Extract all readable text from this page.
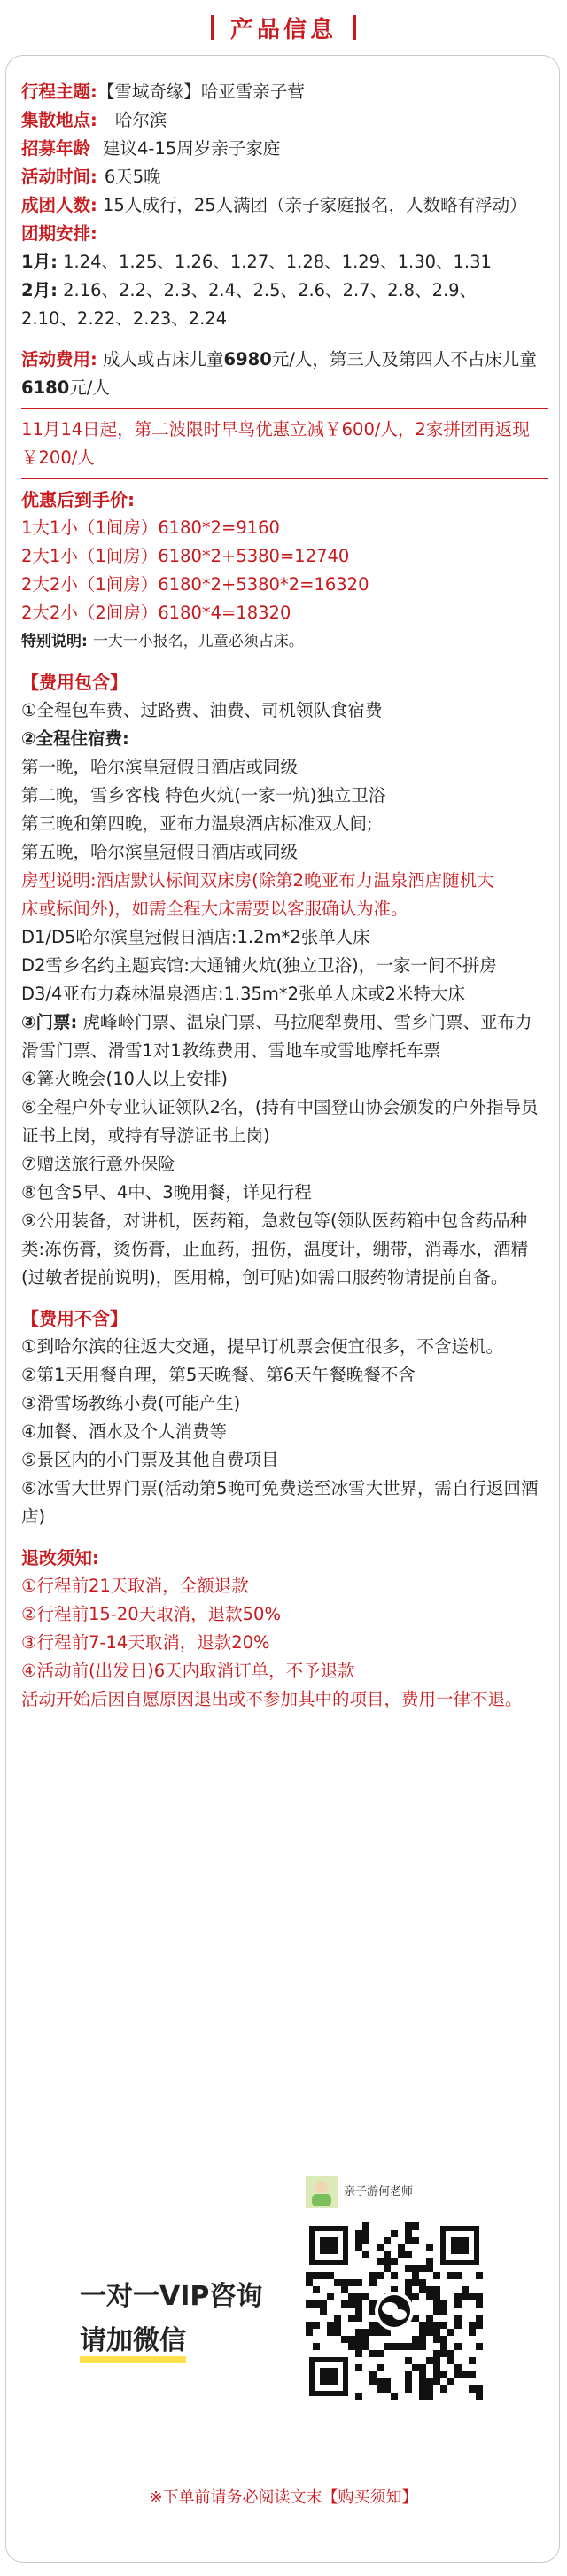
产品信息
行程主题:【雪域奇缘】哈亚雪亲子营
集散地点: 哈尔滨
招募年龄 建议4-15周岁亲子家庭
活动时间: 6天5晚
成团人数: 15人成行，25人满团（亲子家庭报名，人数略有浮动）
团期安排:
1月: 1.24、1.25、1.26、1.27、1.28、1.29、1.30、1.31
2月: 2.16、2.2、2.3、2.4、2.5、2.6、2.7、2.8、2.9、
2.10、2.22、2.23、2.24
活动费用: 成人或占床儿童6980元/人，第三人及第四人不占床儿童6180元/人
11月14日起，第二波限时早鸟优惠立减￥600/人，2家拼团再返现￥200/人
优惠后到手价:
1大1小（1间房）6180*2=9160
2大1小（1间房）6180*2+5380=12740
2大2小（1间房）6180*2+5380*2=16320
2大2小（2间房）6180*4=18320
特别说明: 一大一小报名，儿童必须占床。
【费用包含】
①全程包车费、过路费、油费、司机领队食宿费
②全程住宿费:
第一晚，哈尔滨皇冠假日酒店或同级
第二晚，雪乡客栈 特色火炕(一家一炕)独立卫浴
第三晚和第四晚，亚布力温泉酒店标准双人间;
第五晚，哈尔滨皇冠假日酒店或同级
房型说明:酒店默认标间双床房(除第2晚亚布力温泉酒店随机大
床或标间外)，如需全程大床需要以客服确认为准。
D1/D5哈尔滨皇冠假日酒店:1.2m*2张单人床
D2雪乡名约主题宾馆:大通铺火炕(独立卫浴)，一家一间不拼房
D3/4亚布力森林温泉酒店:1.35m*2张单人床或2米特大床
③门票: 虎峰岭门票、温泉门票、马拉爬犁费用、雪乡门票、亚布力滑雪门票、滑雪1对1教练费用、雪地车或雪地摩托车票
④篝火晚会(10人以上安排)
⑥全程户外专业认证领队2名，(持有中国登山协会颁发的户外指导员证书上岗，或持有导游证书上岗)
⑦赠送旅行意外保险
⑧包含5早、4中、3晚用餐，详见行程
⑨公用装备，对讲机，医药箱，急救包等(领队医药箱中包含药品种类:冻伤膏，烫伤膏，止血药，扭伤，温度计，绷带，消毒水，酒精(过敏者提前说明)，医用棉，创可贴)如需口服药物请提前自备。
【费用不含】
①到哈尔滨的往返大交通，提早订机票会便宜很多，不含送机。
②第1天用餐自理，第5天晚餐、第6天午餐晚餐不含
③滑雪场教练小费(可能产生)
④加餐、酒水及个人消费等
⑤景区内的小门票及其他自费项目
⑥冰雪大世界门票(活动第5晚可免费送至冰雪大世界，需自行返回酒店)
退改须知:
①行程前21天取消，全额退款
②行程前15-20天取消，退款50%
③行程前7-14天取消，退款20%
④活动前(出发日)6天内取消订单，不予退款
活动开始后因自愿原因退出或不参加其中的项目，费用一律不退。
亲子游何老师
一对一VIP咨询
请加微信
※下单前请务必阅读文末【购买须知】
